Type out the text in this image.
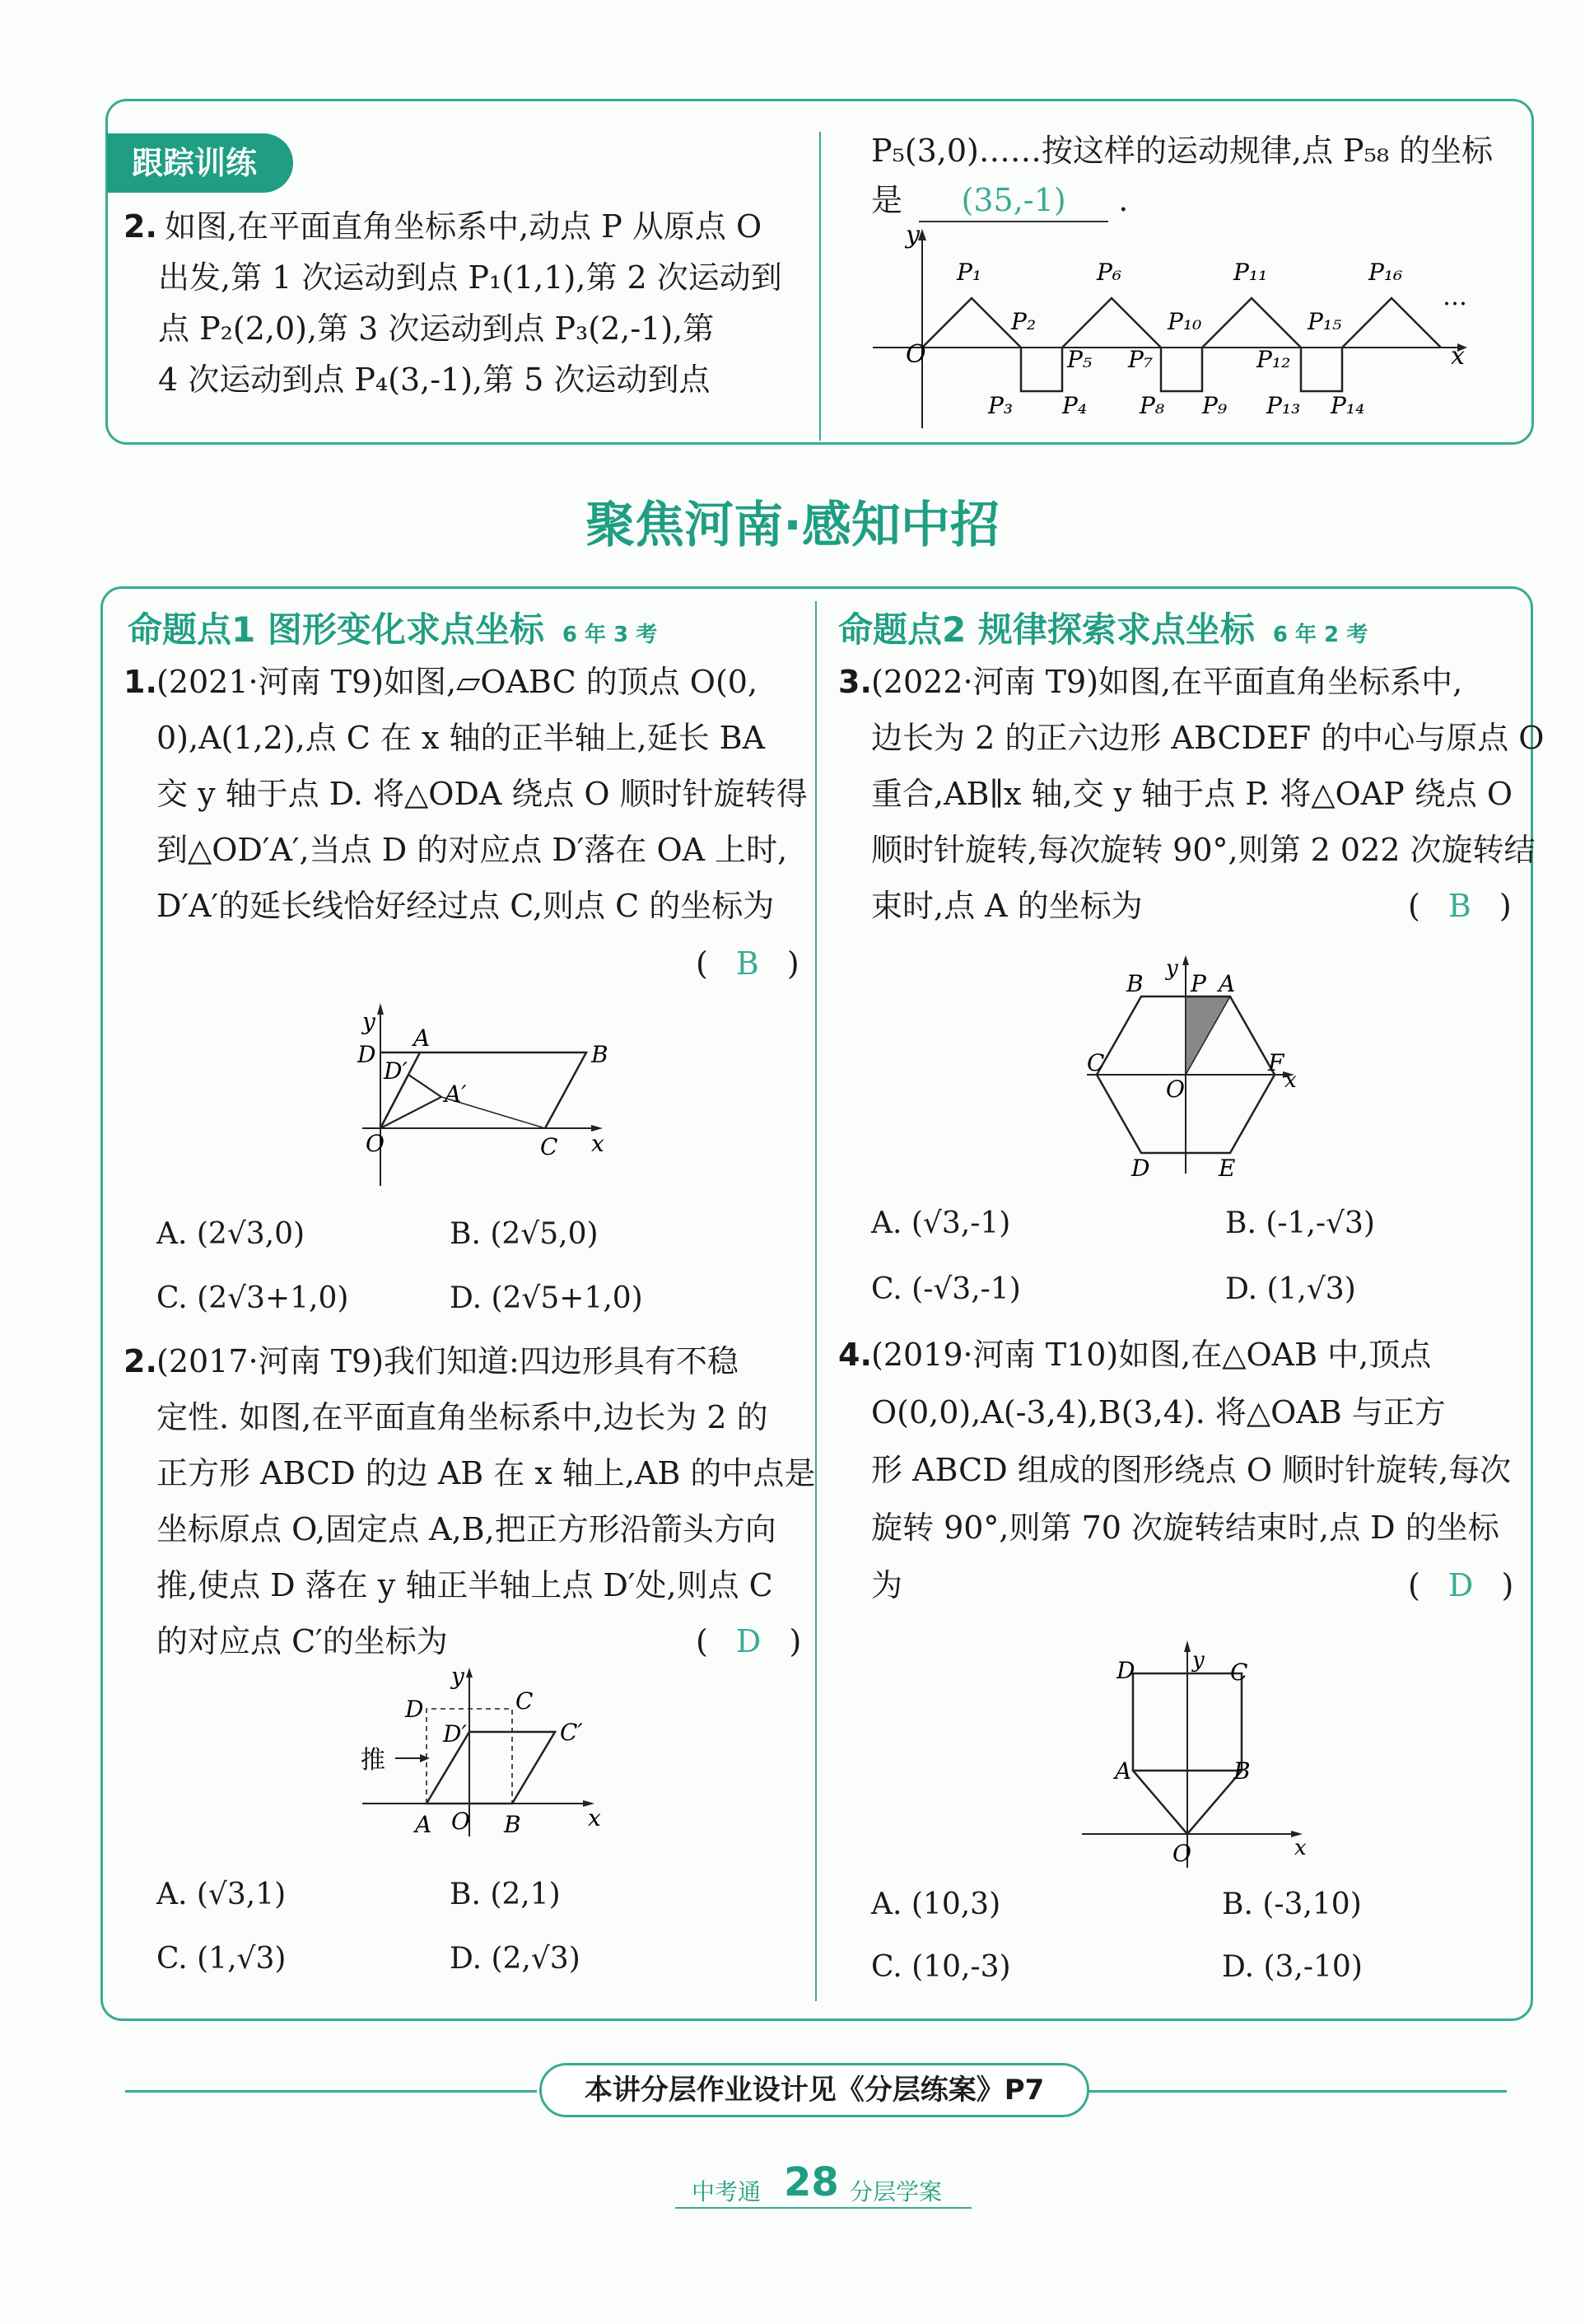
跟踪训练
2. 如图,在平面直角坐标系中,动点 P 从原点 O
出发,第 1 次运动到点 P₁(1,1),第 2 次运动到
点 P₂(2,0),第 3 次运动到点 P₃(2,-1),第
4 次运动到点 P₄(3,-1),第 5 次运动到点
P₅(3,0)……按这样的运动规律,点 P₅₈ 的坐标
是 (35,-1) .
O
y
x
…
P₁
P₂
P₃ P₄
P₅
P₆
P₇
P₈ P₉
P₁₀
P₁₁
P₁₂
P₁₃ P₁₄
P₁₅
P₁₆
聚焦河南·感知中招
命题点1 图形变化求点坐标 6 年 3 考	命题点2 规律探索求点坐标 6 年 2 考
1. (2021·河南 T9)如图,▱OABC 的顶点 O(0,
0),A(1,2),点 C 在 x 轴的正半轴上,延长 BA
交 y 轴于点 D. 将△ODA 绕点 O 顺时针旋转得
到△OD′A′,当点 D 的对应点 D′落在 OA 上时,
D′A′的延长线恰好经过点 C,则点 C 的坐标为
( B )
y
x
O
D
A
B
C
D′
A′
A. (2√3,0)	B. (2√5,0)
C. (2√3+1,0)	D. (2√5+1,0)
2. (2017·河南 T9)我们知道:四边形具有不稳
定性. 如图,在平面直角坐标系中,边长为 2 的
正方形 ABCD 的边 AB 在 x 轴上,AB 的中点是
坐标原点 O,固定点 A,B,把正方形沿箭头方向
推,使点 D 落在 y 轴正半轴上点 D′处,则点 C
的对应点 C′的坐标为	( D )
推
y
x
O
D	C
D′	C′
A	B
A. (√3,1)	B. (2,1)
C. (1,√3)	D. (2,√3)
3. (2022·河南 T9)如图,在平面直角坐标系中,
边长为 2 的正六边形 ABCDEF 的中心与原点 O
重合,AB∥x 轴,交 y 轴于点 P. 将△OAP 绕点 O
顺时针旋转,每次旋转 90°,则第 2 022 次旋转结
束时,点 A 的坐标为	( B )
y
P A
B
C	F
x
O
D	E
A. (√3,-1)	B. (-1,-√3)
C. (-√3,-1)	D. (1,√3)
4. (2019·河南 T10)如图,在△OAB 中,顶点
O(0,0),A(-3,4),B(3,4). 将△OAB 与正方
形 ABCD 组成的图形绕点 O 顺时针旋转,每次
旋转 90°,则第 70 次旋转结束时,点 D 的坐标
为	( D )
D	y C
A	B
O	x
A. (10,3)	B. (-3,10)
C. (10,-3)	D. (3,-10)
本讲分层作业设计见《分层练案》P7
中考通 28 分层学案
